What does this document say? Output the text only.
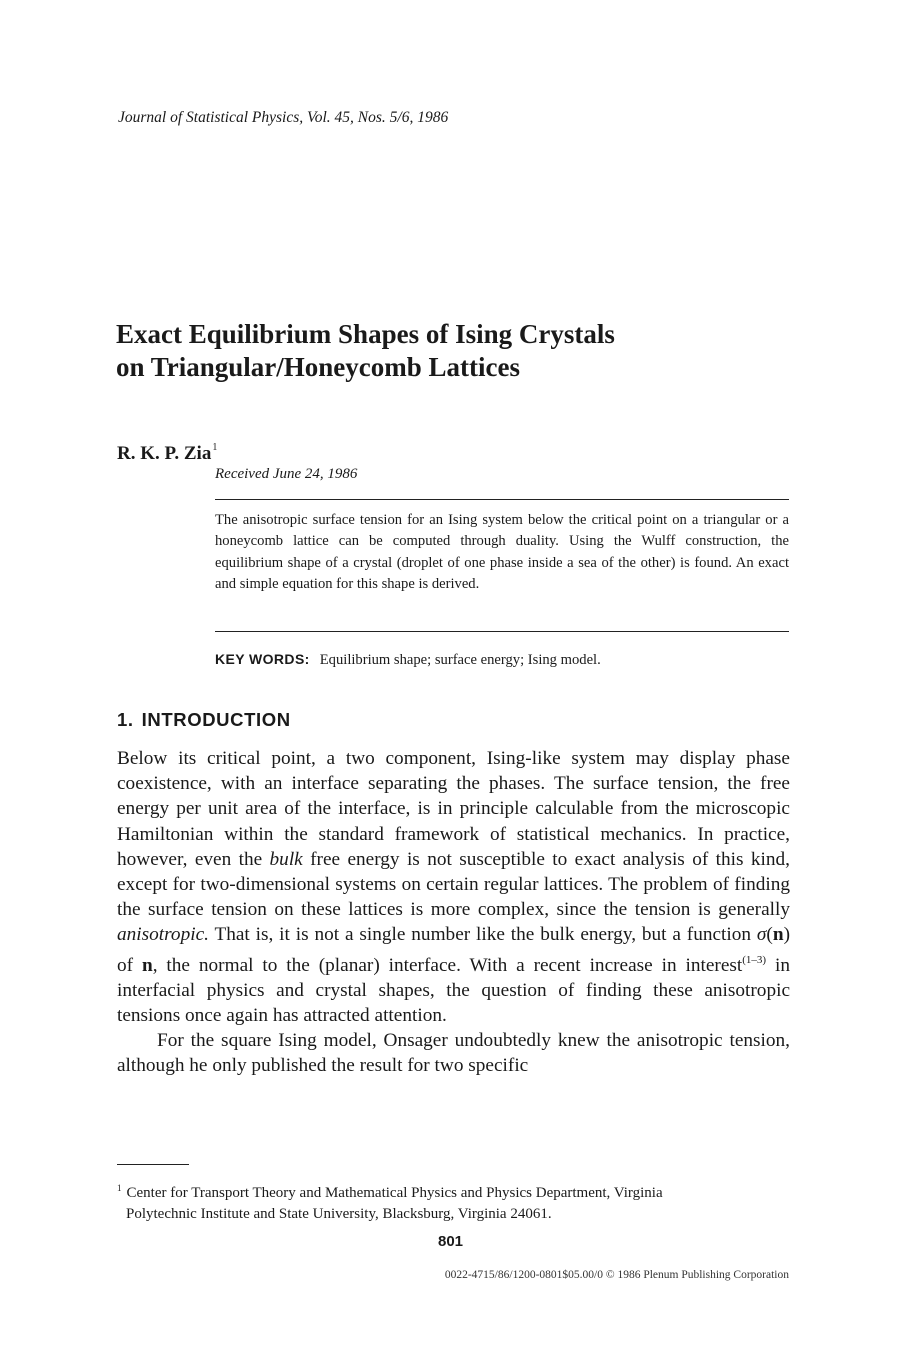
Journal of Statistical Physics, Vol. 45, Nos. 5/6, 1986
Exact Equilibrium Shapes of Ising Crystals
on Triangular/Honeycomb Lattices
R. K. P. Zia$^1$
Received June 24, 1986

The anisotropic surface tension for an Ising system below the critical point on a triangular or a honeycomb lattice can be computed through duality. Using the Wulff construction, the equilibrium shape of a crystal (droplet of one phase inside a sea of the other) is found. An exact and simple equation for this shape is derived.

KEY WORDS: Equilibrium shape; surface energy; Ising model.
1. INTRODUCTION

Below its critical point, a two component, Ising-like system may display phase coexistence, with an interface separating the phases. The surface tension, the free energy per unit area of the interface, is in principle calculable from the microscopic Hamiltonian within the standard framework of statistical mechanics. In practice, however, even the bulk free energy is not susceptible to exact analysis of this kind, except for two-dimensional systems on certain regular lattices. The problem of finding the surface tension on these lattices is more complex, since the tension is generally anisotropic. That is, it is not a single number like the bulk energy, but a function σ(n) of n, the normal to the (planar) interface. With a recent increase in interest$^{(1-3)}$ in interfacial physics and crystal shapes, the question of finding these anisotropic tensions once again has attracted attention.

For the square Ising model, Onsager undoubtedly knew the anisotropic tension, although he only published the result for two specific

$^1$ Center for Transport Theory and Mathematical Physics and Physics Department, Virginia
Polytechnic Institute and State University, Blacksburg, Virginia 24061.

801
0022-4715/86/1200-0801$05.00/0 © 1986 Plenum Publishing Corporation
